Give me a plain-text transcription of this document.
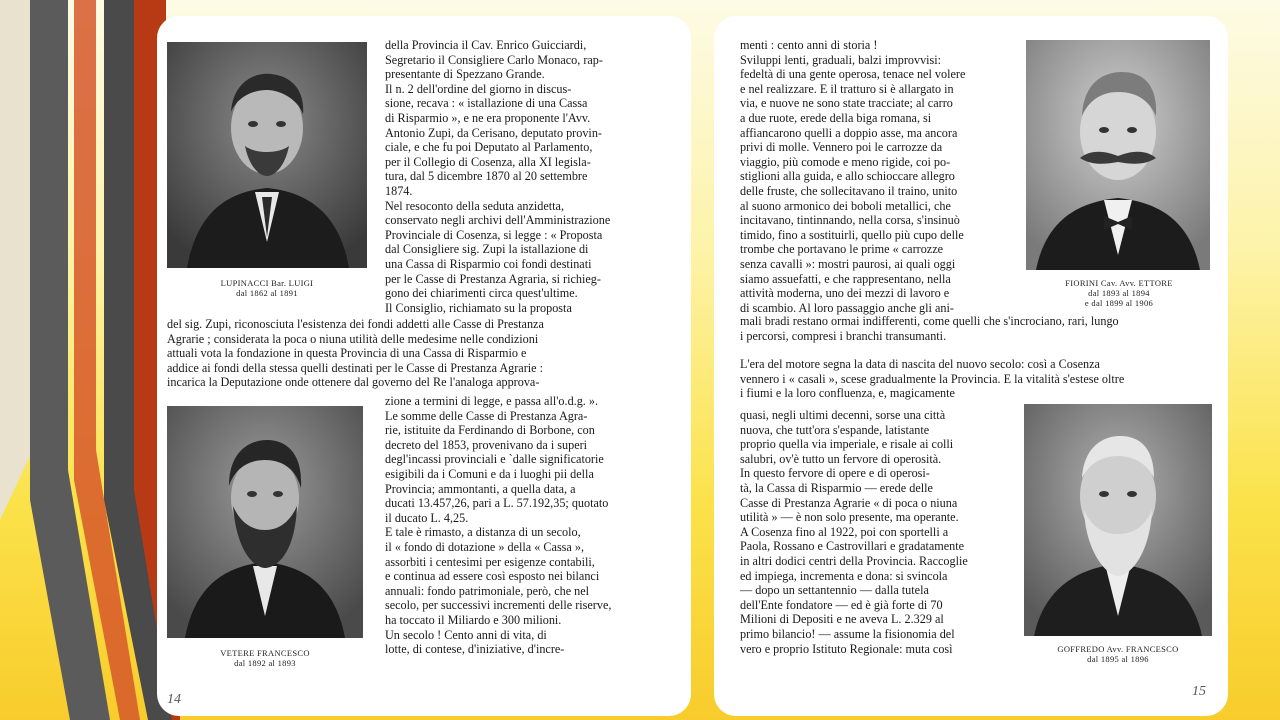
LUPINACCI Bar. LUIGI
dal 1862 al 1891
della Provincia il Cav. Enrico Guicciardi,
Segretario il Consigliere Carlo Monaco, rap-
presentante di Spezzano Grande.
Il n. 2 dell'ordine del giorno in discus-
sione, recava : « istallazione di una Cassa
di Risparmio », e ne era proponente l'Avv.
Antonio Zupi, da Cerisano, deputato provin-
ciale, e che fu poi Deputato al Parlamento,
per il Collegio di Cosenza, alla XI legisla-
tura, dal 5 dicembre 1870 al 20 settembre
1874.
Nel resoconto della seduta anzidetta,
conservato negli archivi dell'Amministrazione
Provinciale di Cosenza, si legge : « Proposta
dal Consigliere sig. Zupi la istallazione di
una Cassa di Risparmio coi fondi destinati
per le Casse di Prestanza Agraria, si richieg-
gono dei chiarimenti circa quest'ultime.
Il Consiglio, richiamato su la proposta
del sig. Zupi, riconosciuta l'esistenza dei fondi addetti alle Casse di Prestanza
Agrarie ; considerata la poca o niuna utilità delle medesime nelle condizioni
attuali vota la fondazione in questa Provincia di una Cassa di Risparmio e
addice ai fondi della stessa quelli destinati per le Casse di Prestanza Agrarie :
incarica la Deputazione onde ottenere dal governo del Re l'analoga approva-
VETERE FRANCESCO
dal 1892 al 1893
zione a termini di legge, e passa all'o.d.g. ».
Le somme delle Casse di Prestanza Agra-
rie, istituite da Ferdinando di Borbone, con
decreto del 1853, provenivano da i superi
degl'incassi provinciali e `dalle significatorie
esigibili da i Comuni e da i luoghi pii della
Provincia; ammontanti, a quella data, a
ducati 13.457,26, pari a L. 57.192,35; quotato
il ducato L. 4,25.
E tale è rimasto, a distanza di un secolo,
il « fondo di dotazione » della « Cassa »,
assorbiti i centesimi per esigenze contabili,
e continua ad essere così esposto nei bilanci
annuali: fondo patrimoniale, però, che nel
secolo, per successivi incrementi delle riserve,
ha toccato il Miliardo e 300 milioni.
Un secolo ! Cento anni di vita, di
lotte, di contese, d'iniziative, d'incre-
14
menti : cento anni di storia !
Sviluppi lenti, graduali, balzi improvvisi:
fedeltà di una gente operosa, tenace nel volere
e nel realizzare. E il tratturo si è allargato in
via, e nuove ne sono state tracciate; al carro
a due ruote, erede della biga romana, si
affiancarono quelli a doppio asse, ma ancora
privi di molle. Vennero poi le carrozze da
viaggio, più comode e meno rigide, coi po-
stiglioni alla guida, e allo schioccare allegro
delle fruste, che sollecitavano il traino, unito
al suono armonico dei boboli metallici, che
incitavano, tintinnando, nella corsa, s'insinuò
timido, fino a sostituirli, quello più cupo delle
trombe che portavano le prime « carrozze
senza cavalli »: mostri paurosi, ai quali oggi
siamo assuefatti, e che rappresentano, nella
attività moderna, uno dei mezzi di lavoro e
di scambio. Al loro passaggio anche gli ani-
FIORINI Cav. Avv. ETTORE
dal 1893 al 1894
e dal 1899 al 1906
mali bradi restano ormai indifferenti, come quelli che s'incrociano, rari, lungo
i percorsi, compresi i branchi transumanti.
L'era del motore segna la data di nascita del nuovo secolo: così a Cosenza
vennero i « casali », scese gradualmente la Provincia. E la vitalità s'estese oltre
i fiumi e la loro confluenza, e, magicamente
GOFFREDO Avv. FRANCESCO
dal 1895 al 1896
quasi, negli ultimi decenni, sorse una città
nuova, che tutt'ora s'espande, latistante
proprio quella via imperiale, e risale ai colli
salubri, ov'è tutto un fervore di operosità.
In questo fervore di opere e di operosi-
tà, la Cassa di Risparmio — erede delle
Casse di Prestanza Agrarie « di poca o niuna
utilità » — è non solo presente, ma operante.
A Cosenza fino al 1922, poi con sportelli a
Paola, Rossano e Castrovillari e gradatamente
in altri dodici centri della Provincia. Raccoglie
ed impiega, incrementa e dona: si svincola
— dopo un settantennio — dalla tutela
dell'Ente fondatore — ed è già forte di 70
Milioni di Depositi e ne aveva L. 2.329 al
primo bilancio! — assume la fisionomia del
vero e proprio Istituto Regionale: muta così
15
